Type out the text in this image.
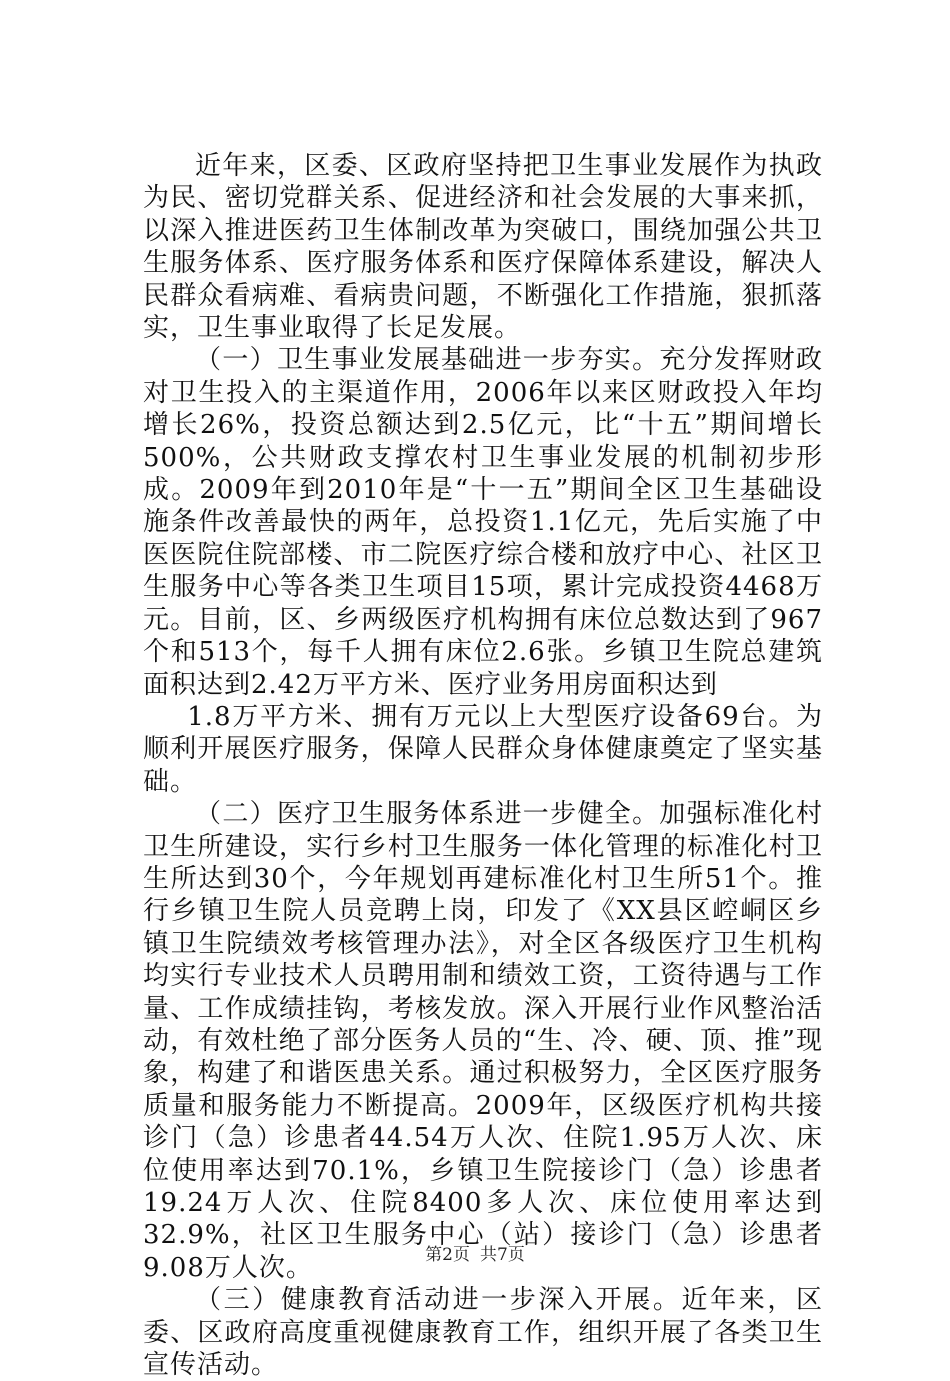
近年来，区委、区政府坚持把卫生事业发展作为执政为民、密切党群关系、促进经济和社会发展的大事来抓，以深入推进医药卫生体制改革为突破口，围绕加强公共卫生服务体系、医疗服务体系和医疗保障体系建设，解决人民群众看病难、看病贵问题，不断强化工作措施，狠抓落实，卫生事业取得了长足发展。

（一）卫生事业发展基础进一步夯实。充分发挥财政对卫生投入的主渠道作用，2006年以来区财政投入年均增长26%，投资总额达到2.5亿元，比“十五”期间增长500%，公共财政支撑农村卫生事业发展的机制初步形成。2009年到2010年是“十一五”期间全区卫生基础设施条件改善最快的两年，总投资1.1亿元，先后实施了中医医院住院部楼、市二院医疗综合楼和放疗中心、社区卫生服务中心等各类卫生项目15项，累计完成投资4468万元。目前，区、乡两级医疗机构拥有床位总数达到了967个和513个，每千人拥有床位2.6张。乡镇卫生院总建筑面积达到2.42万平方米、医疗业务用房面积达到

1.8万平方米、拥有万元以上大型医疗设备69台。为顺利开展医疗服务，保障人民群众身体健康奠定了坚实基础。

（二）医疗卫生服务体系进一步健全。加强标准化村卫生所建设，实行乡村卫生服务一体化管理的标准化村卫生所达到30个，今年规划再建标准化村卫生所51个。推行乡镇卫生院人员竞聘上岗，印发了《XX县区崆峒区乡镇卫生院绩效考核管理办法》，对全区各级医疗卫生机构均实行专业技术人员聘用制和绩效工资，工资待遇与工作量、工作成绩挂钩，考核发放。深入开展行业作风整治活动，有效杜绝了部分医务人员的“生、冷、硬、顶、推”现象，构建了和谐医患关系。通过积极努力，全区医疗服务质量和服务能力不断提高。2009年，区级医疗机构共接诊门（急）诊患者44.54万人次、住院1.95万人次、床位使用率达到70.1%，乡镇卫生院接诊门（急）诊患者19.24万人次、住院8400多人次、床位使用率达到32.9%，社区卫生服务中心（站）接诊门（急）诊患者9.08万人次。

（三）健康教育活动进一步深入开展。近年来，区委、区政府高度重视健康教育工作，组织开展了各类卫生宣传活动。

第2页 共7页
